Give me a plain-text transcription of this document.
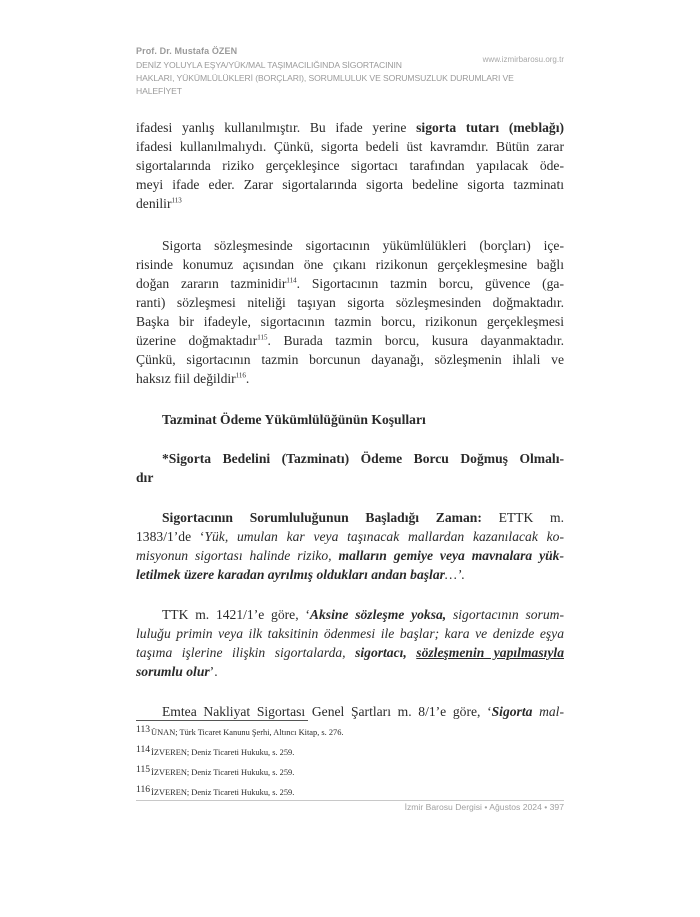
Prof. Dr. Mustafa ÖZEN
www.izmirbarosu.org.tr
DENİZ YOLUYLA EŞYA/YÜK/MAL TAŞIMACILIĞINDA SİGORTACININ
HAKLARI, YÜKÜMLÜLÜKLERİ (BORÇLARI), SORUMLULUK VE SORUMSUZLUK DURUMLARI VE
HALEFİYET
ifadesi yanlış kullanılmıştır. Bu ifade yerine sigorta tutarı (meblağı)
ifadesi kullanılmalıydı. Çünkü, sigorta bedeli üst kavramdır. Bütün zarar
sigortalarında riziko gerçekleşince sigortacı tarafından yapılacak öde-
meyi ifade eder. Zarar sigortalarında sigorta bedeline sigorta tazminatı
denilir$^{113}$
Sigorta sözleşmesinde sigortacının yükümlülükleri (borçları) içe-
risinde konumuz açısından öne çıkanı rizikonun gerçekleşmesine bağlı
doğan zararın tazminidir$^{114}$. Sigortacının tazmin borcu, güvence (ga-
ranti) sözleşmesi niteliği taşıyan sigorta sözleşmesinden doğmaktadır.
Başka bir ifadeyle, sigortacının tazmin borcu, rizikonun gerçekleşmesi
üzerine doğmaktadır$^{115}$. Burada tazmin borcu, kusura dayanmaktadır.
Çünkü, sigortacının tazmin borcunun dayanağı, sözleşmenin ihlali ve
haksız fiil değildir$^{116}$.
Tazminat Ödeme Yükümlülüğünün Koşulları
*Sigorta Bedelini (Tazminatı) Ödeme Borcu Doğmuş Olmalı-
dır
Sigortacının Sorumluluğunun Başladığı Zaman: ETTK m.
1383/1’de ‘Yük, umulan kar veya taşınacak mallardan kazanılacak ko-
misyonun sigortası halinde riziko, malların gemiye veya mavnalara yük-
letilmek üzere karadan ayrılmış oldukları andan başlar…’.
TTK m. 1421/1’e göre, ‘Aksine sözleşme yoksa, sigortacının sorum-
luluğu primin veya ilk taksitinin ödenmesi ile başlar; kara ve denizde eşya
taşıma işlerine ilişkin sigortalarda, sigortacı, sözleşmenin yapılmasıyla
sorumlu olur’.
Emtea Nakliyat Sigortası Genel Şartları m. 8/1’e göre, ‘Sigorta mal-
113ÜNAN; Türk Ticaret Kanunu Şerhi, Altıncı Kitap, s. 276.
114İZVEREN; Deniz Ticareti Hukuku, s. 259.
115İZVEREN; Deniz Ticareti Hukuku, s. 259.
116İZVEREN; Deniz Ticareti Hukuku, s. 259.
İzmir Barosu Dergisi • Ağustos 2024 • 397
